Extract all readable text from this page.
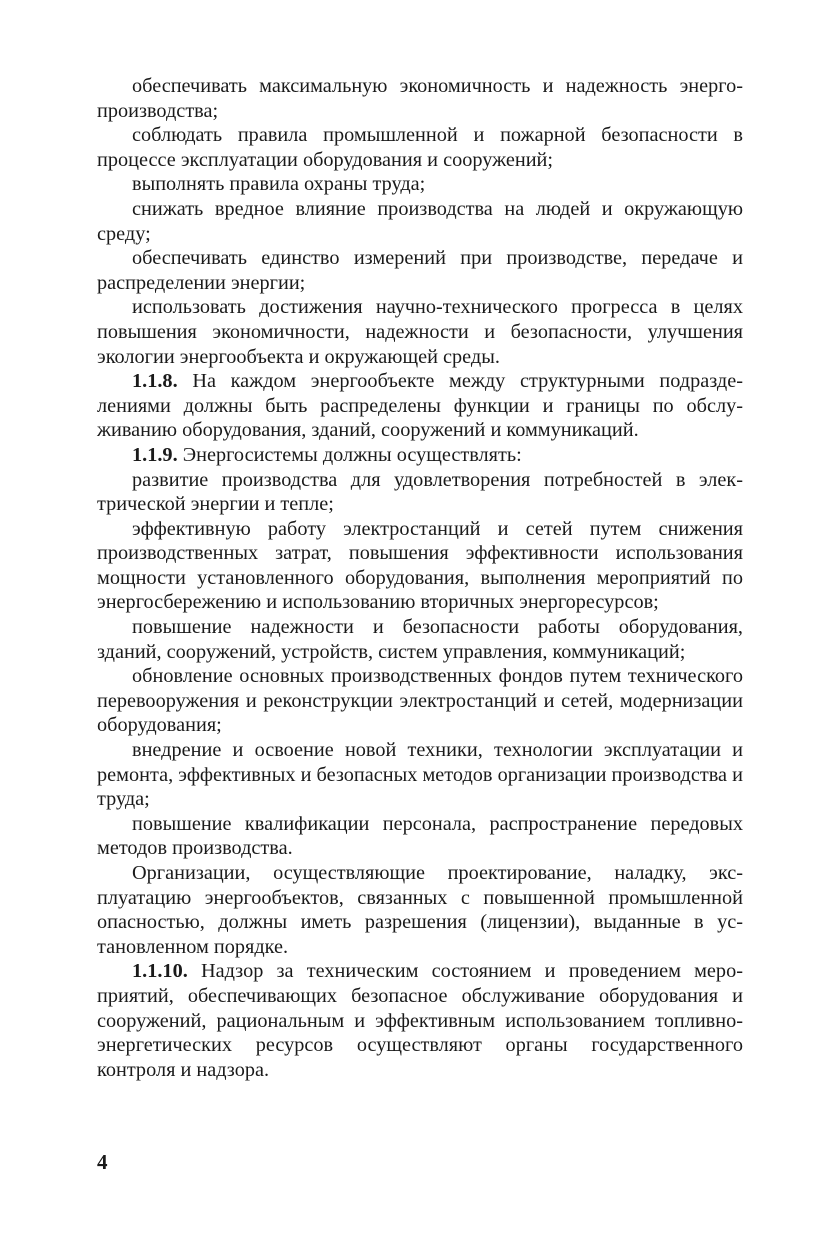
обеспечивать максимальную экономичность и надежность энергопроизводства;

соблюдать правила промышленной и пожарной безопасности в процессе эксплуатации оборудования и сооружений;

выполнять правила охраны труда;

снижать вредное влияние производства на людей и окружающую среду;

обеспечивать единство измерений при производстве, передаче и распределении энергии;

использовать достижения научно-технического прогресса в целях повышения экономичности, надежности и безопасности, улучшения экологии энергообъекта и окружающей среды.

1.1.8. На каждом энергообъекте между структурными подразделениями должны быть распределены функции и границы по обслуживанию оборудования, зданий, сооружений и коммуникаций.

1.1.9. Энергосистемы должны осуществлять:

развитие производства для удовлетворения потребностей в электрической энергии и тепле;

эффективную работу электростанций и сетей путем снижения производственных затрат, повышения эффективности использования мощности установленного оборудования, выполнения мероприятий по энергосбережению и использованию вторичных энергоресурсов;

повышение надежности и безопасности работы оборудования, зданий, сооружений, устройств, систем управления, коммуникаций;

обновление основных производственных фондов путем технического перевооружения и реконструкции электростанций и сетей, модернизации оборудования;

внедрение и освоение новой техники, технологии эксплуатации и ремонта, эффективных и безопасных методов организации производства и труда;

повышение квалификации персонала, распространение передовых методов производства.

Организации, осуществляющие проектирование, наладку, эксплуатацию энергообъектов, связанных с повышенной промышленной опасностью, должны иметь разрешения (лицензии), выданные в установленном порядке.

1.1.10. Надзор за техническим состоянием и проведением мероприятий, обеспечивающих безопасное обслуживание оборудования и сооружений, рациональным и эффективным использованием топливно-энергетических ресурсов осуществляют органы государственного контроля и надзора.

4
